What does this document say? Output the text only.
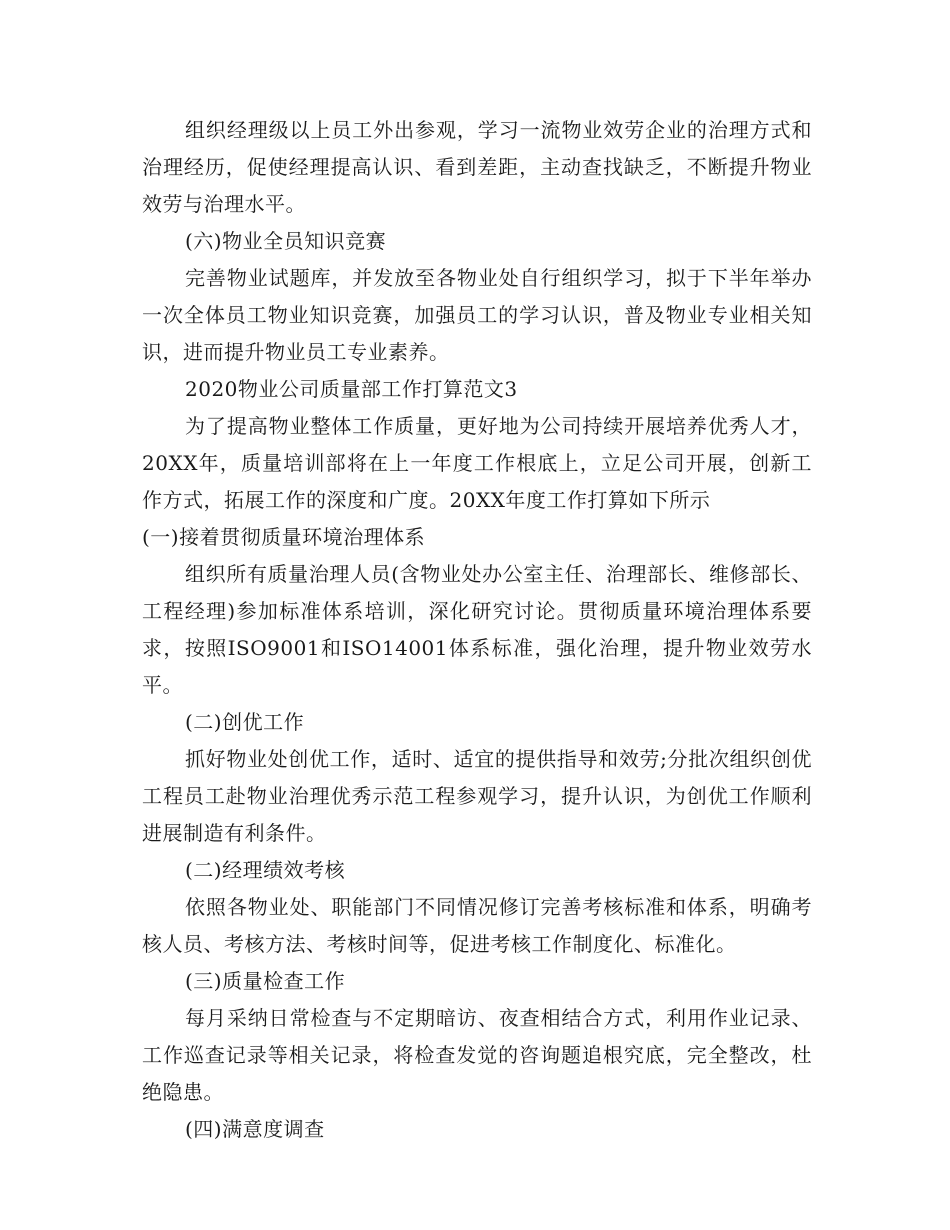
组织经理级以上员工外出参观，学习一流物业效劳企业的治理方式和治理经历，促使经理提高认识、看到差距，主动查找缺乏，不断提升物业效劳与治理水平。

(六)物业全员知识竞赛

完善物业试题库，并发放至各物业处自行组织学习，拟于下半年举办一次全体员工物业知识竞赛，加强员工的学习认识，普及物业专业相关知识，进而提升物业员工专业素养。

2020物业公司质量部工作打算范文3

为了提高物业整体工作质量，更好地为公司持续开展培养优秀人才，20XX年，质量培训部将在上一年度工作根底上，立足公司开展，创新工作方式，拓展工作的深度和广度。20XX年度工作打算如下所示

(一)接着贯彻质量环境治理体系

组织所有质量治理人员(含物业处办公室主任、治理部长、维修部长、工程经理)参加标准体系培训，深化研究讨论。贯彻质量环境治理体系要求，按照ISO9001和ISO14001体系标准，强化治理，提升物业效劳水平。

(二)创优工作

抓好物业处创优工作，适时、适宜的提供指导和效劳;分批次组织创优工程员工赴物业治理优秀示范工程参观学习，提升认识，为创优工作顺利进展制造有利条件。

(二)经理绩效考核

依照各物业处、职能部门不同情况修订完善考核标准和体系，明确考核人员、考核方法、考核时间等，促进考核工作制度化、标准化。

(三)质量检查工作

每月采纳日常检查与不定期暗访、夜查相结合方式，利用作业记录、工作巡查记录等相关记录，将检查发觉的咨询题追根究底，完全整改，杜绝隐患。

(四)满意度调查
